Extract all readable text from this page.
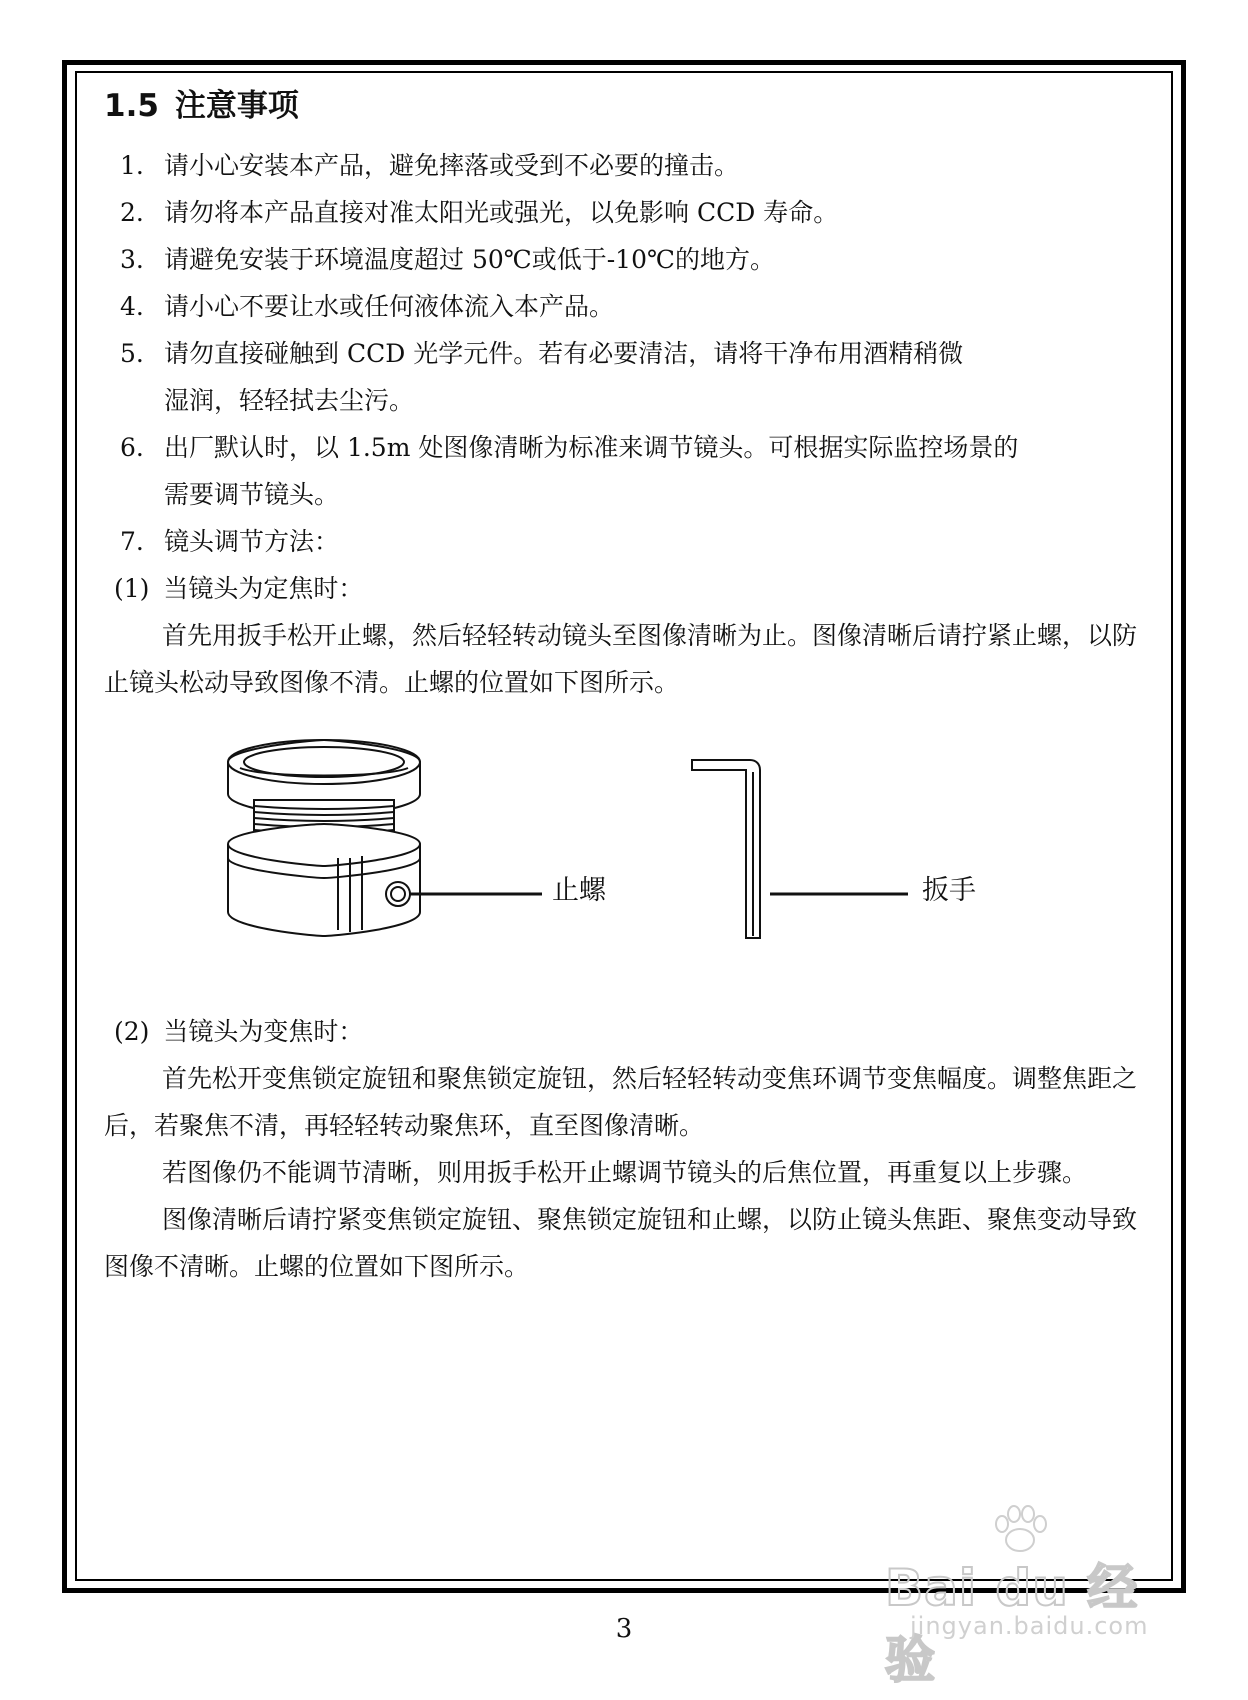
1.5 注意事项
1. 请小心安装本产品，避免摔落或受到不必要的撞击。
2. 请勿将本产品直接对准太阳光或强光，以免影响 CCD 寿命。
3. 请避免安装于环境温度超过 50℃或低于-10℃的地方。
4. 请小心不要让水或任何液体流入本产品。
5. 请勿直接碰触到 CCD 光学元件。若有必要清洁，请将干净布用酒精稍微
湿润，轻轻拭去尘污。
6. 出厂默认时，以 1.5m 处图像清晰为标准来调节镜头。可根据实际监控场景的
需要调节镜头。
7. 镜头调节方法：
(1) 当镜头为定焦时：

首先用扳手松开止螺，然后轻轻转动镜头至图像清晰为止。图像清晰后请拧紧止螺，以防止镜头松动导致图像不清。止螺的位置如下图所示。

止螺	扳手
(2) 当镜头为变焦时：

首先松开变焦锁定旋钮和聚焦锁定旋钮，然后轻轻转动变焦环调节变焦幅度。调整焦距之后，若聚焦不清，再轻轻转动聚焦环，直至图像清晰。

若图像仍不能调节清晰，则用扳手松开止螺调节镜头的后焦位置，再重复以上步骤。

图像清晰后请拧紧变焦锁定旋钮、聚焦锁定旋钮和止螺，以防止镜头焦距、聚焦变动导致图像不清晰。止螺的位置如下图所示。

3
Bai du 经验
jingyan.baidu.com
